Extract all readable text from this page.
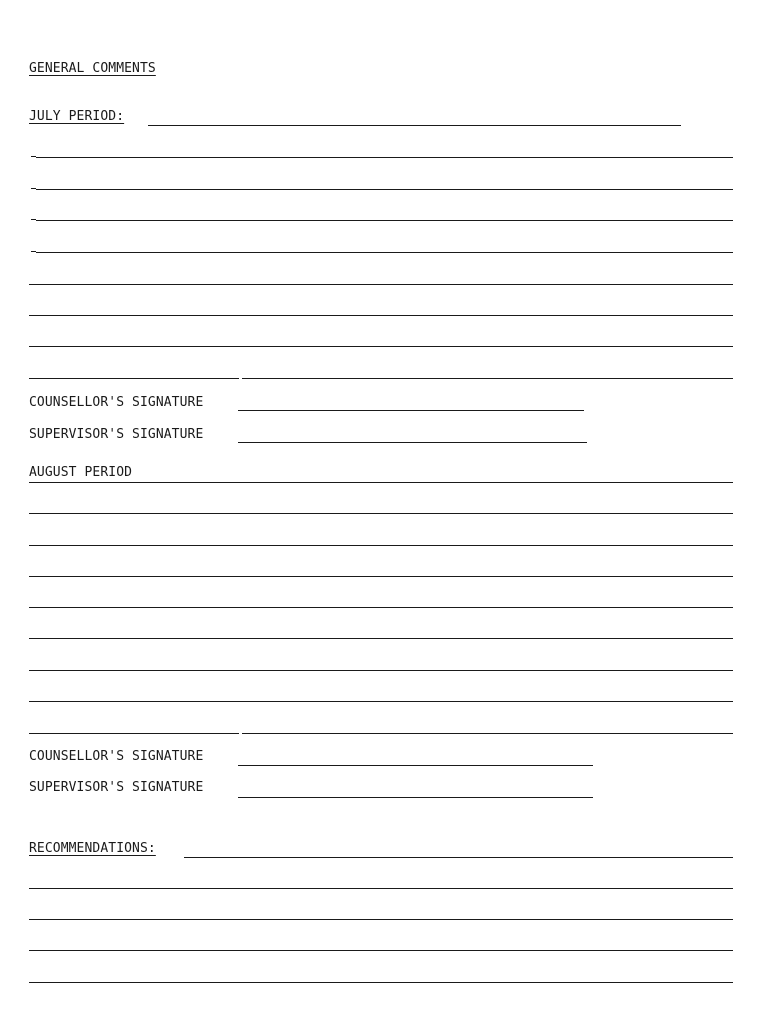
GENERAL COMMENTS
JULY PERIOD:
COUNSELLOR'S SIGNATURE
SUPERVISOR'S SIGNATURE
AUGUST PERIOD
COUNSELLOR'S SIGNATURE
SUPERVISOR'S SIGNATURE
RECOMMENDATIONS:
